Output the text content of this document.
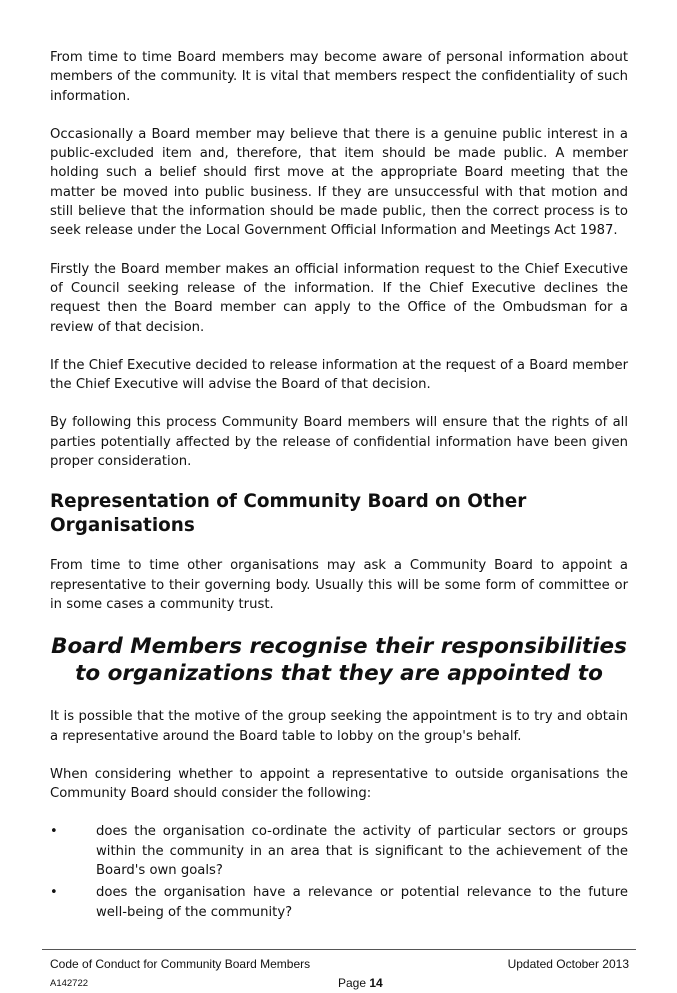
From time to time Board members may become aware of personal information about members of the community. It is vital that members respect the confidentiality of such information.

Occasionally a Board member may believe that there is a genuine public interest in a public-excluded item and, therefore, that item should be made public. A member holding such a belief should first move at the appropriate Board meeting that the matter be moved into public business. If they are unsuccessful with that motion and still believe that the information should be made public, then the correct process is to seek release under the Local Government Official Information and Meetings Act 1987.

Firstly the Board member makes an official information request to the Chief Executive of Council seeking release of the information. If the Chief Executive declines the request then the Board member can apply to the Office of the Ombudsman for a review of that decision.

If the Chief Executive decided to release information at the request of a Board member the Chief Executive will advise the Board of that decision.

By following this process Community Board members will ensure that the rights of all parties potentially affected by the release of confidential information have been given proper consideration.

Representation of Community Board on Other Organisations

From time to time other organisations may ask a Community Board to appoint a representative to their governing body. Usually this will be some form of committee or in some cases a community trust.

Board Members recognise their responsibilities to organizations that they are appointed to

It is possible that the motive of the group seeking the appointment is to try and obtain a representative around the Board table to lobby on the group's behalf.

When considering whether to appoint a representative to outside organisations the Community Board should consider the following:

•	does the organisation co-ordinate the activity of particular sectors or groups within the community in an area that is significant to the achievement of the Board's own goals?
•	does the organisation have a relevance or potential relevance to the future well-being of the community?
Code of Conduct for Community Board Members	Updated October 2013
A142722	Page 14
